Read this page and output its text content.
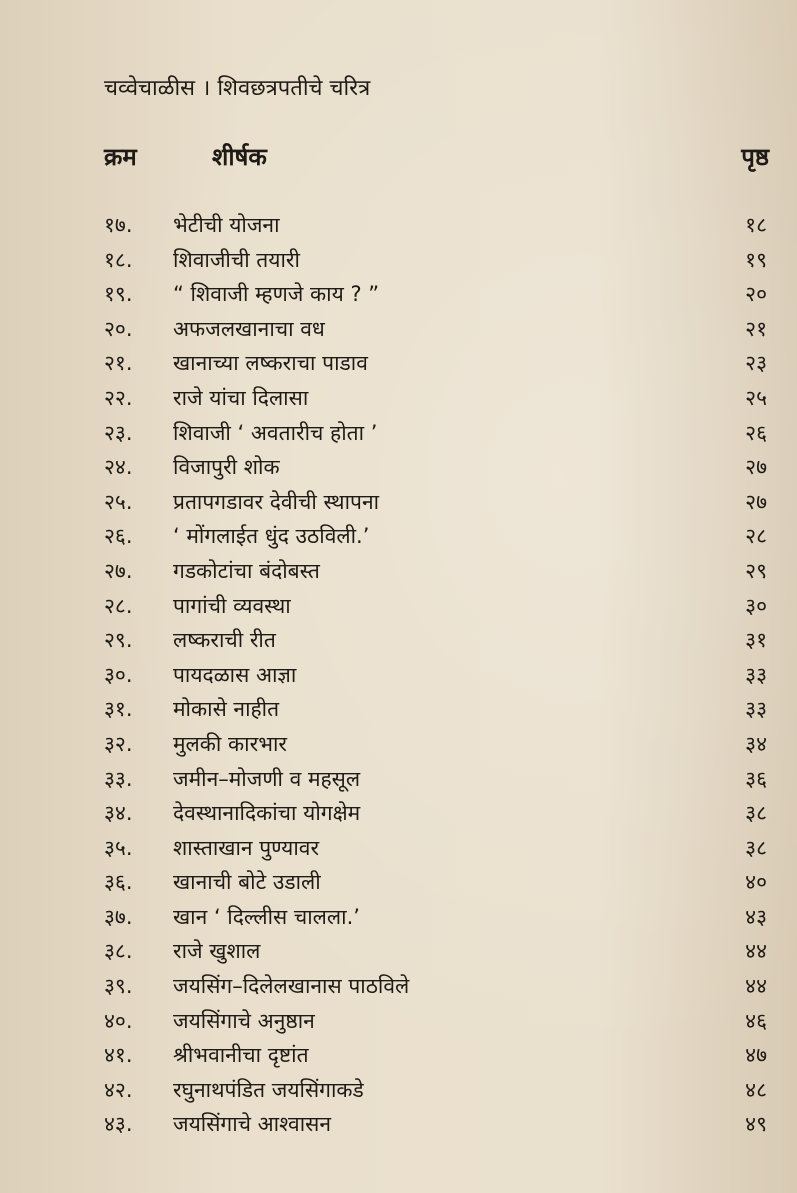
चव्वेचाळीस । शिवछत्रपतीचे चरित्र
क्रम	शीर्षक	पृष्ठ
१७. भेटीची योजना	१८
१८. शिवाजीची तयारी	१९
१९. “ शिवाजी म्हणजे काय ? ”	२०
२०. अफजलखानाचा वध	२१
२१. खानाच्या लष्कराचा पाडाव	२३
२२. राजे यांचा दिलासा	२५
२३. शिवाजी ‘ अवतारीच होता ’	२६
२४. विजापुरी शोक	२७
२५. प्रतापगडावर देवीची स्थापना	२७
२६. ‘ मोंगलाईत धुंद उठविली.’	२८
२७. गडकोटांचा बंदोबस्त	२९
२८. पागांची व्यवस्था	३०
२९. लष्कराची रीत	३१
३०. पायदळास आज्ञा	३३
३१. मोकासे नाहीत	३३
३२. मुलकी कारभार	३४
३३. जमीन–मोजणी व महसूल	३६
३४. देवस्थानादिकांचा योगक्षेम	३८
३५. शास्ताखान पुण्यावर	३८
३६. खानाची बोटे उडाली	४०
३७. खान ‘ दिल्लीस चालला.’	४३
३८. राजे खुशाल	४४
३९. जयसिंग–दिलेलखानास पाठविले	४४
४०. जयसिंगाचे अनुष्ठान	४६
४१. श्रीभवानीचा दृष्टांत	४७
४२. रघुनाथपंडित जयसिंगाकडे	४८
४३. जयसिंगाचे आश्वासन	४९
